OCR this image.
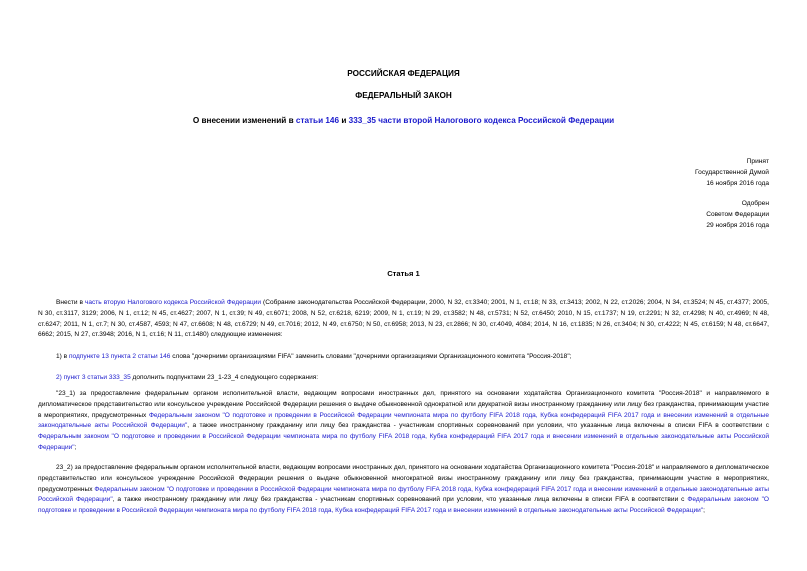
РОССИЙСКАЯ ФЕДЕРАЦИЯ
ФЕДЕРАЛЬНЫЙ ЗАКОН
О внесении изменений в статьи 146 и 333_35 части второй Налогового кодекса Российской Федерации
Принят
Государственной Думой
16 ноября 2016 года
Одобрен
Советом Федерации
29 ноября 2016 года
Статья 1
Внести в часть вторую Налогового кодекса Российской Федерации (Собрание законодательства Российской Федерации, 2000, N 32, ст.3340; 2001, N 1, ст.18; N 33, ст.3413; 2002, N 22, ст.2026; 2004, N 34, ст.3524; N 45, ст.4377; 2005, N 30, ст.3117, 3129; 2006, N 1, ст.12; N 45, ст.4627; 2007, N 1, ст.39; N 49, ст.6071; 2008, N 52, ст.6218, 6219; 2009, N 1, ст.19; N 29, ст.3582; N 48, ст.5731; N 52, ст.6450; 2010, N 15, ст.1737; N 19, ст.2291; N 32, ст.4298; N 40, ст.4969; N 48, ст.6247; 2011, N 1, ст.7; N 30, ст.4587, 4593; N 47, ст.6608; N 48, ст.6729; N 49, ст.7016; 2012, N 49, ст.6750; N 50, ст.6958; 2013, N 23, ст.2866; N 30, ст.4049, 4084; 2014, N 16, ст.1835; N 26, ст.3404; N 30, ст.4222; N 45, ст.6159; N 48, ст.6647, 6662; 2015, N 27, ст.3948; 2016, N 1, ст.16; N 11, ст.1480) следующие изменения:
1) в подпункте 13 пункта 2 статьи 146 слова "дочерними организациями FIFA" заменить словами "дочерними организациями Организационного комитета "Россия-2018";
2) пункт 3 статьи 333_35 дополнить подпунктами 23_1-23_4 следующего содержания:
"23_1) за предоставление федеральным органом исполнительной власти, ведающим вопросами иностранных дел, принятого на основании ходатайства Организационного комитета "Россия-2018" и направляемого в дипломатическое представительство или консульское учреждение Российской Федерации решения о выдаче обыкновенной однократной или двукратной визы иностранному гражданину или лицу без гражданства, принимающим участие в мероприятиях, предусмотренных Федеральным законом "О подготовке и проведении в Российской Федерации чемпионата мира по футболу FIFA 2018 года, Кубка конфедераций FIFA 2017 года и внесении изменений в отдельные законодательные акты Российской Федерации", а также иностранному гражданину или лицу без гражданства - участникам спортивных соревнований при условии, что указанные лица включены в списки FIFA в соответствии с Федеральным законом "О подготовке и проведении в Российской Федерации чемпионата мира по футболу FIFA 2018 года, Кубка конфедераций FIFA 2017 года и внесении изменений в отдельные законодательные акты Российской Федерации";
23_2) за предоставление федеральным органом исполнительной власти, ведающим вопросами иностранных дел, принятого на основании ходатайства Организационного комитета "Россия-2018" и направляемого в дипломатическое представительство или консульское учреждение Российской Федерации решения о выдаче обыкновенной многократной визы иностранному гражданину или лицу без гражданства, принимающим участие в мероприятиях, предусмотренных Федеральным законом "О подготовке и проведении в Российской Федерации чемпионата мира по футболу FIFA 2018 года, Кубка конфедераций FIFA 2017 года и внесении изменений в отдельные законодательные акты Российской Федерации", а также иностранному гражданину или лицу без гражданства - участникам спортивных соревнований при условии, что указанные лица включены в списки FIFA в соответствии с Федеральным законом "О подготовке и проведении в Российской Федерации чемпионата мира по футболу FIFA 2018 года, Кубка конфедераций FIFA 2017 года и внесении изменений в отдельные законодательные акты Российской Федерации";
